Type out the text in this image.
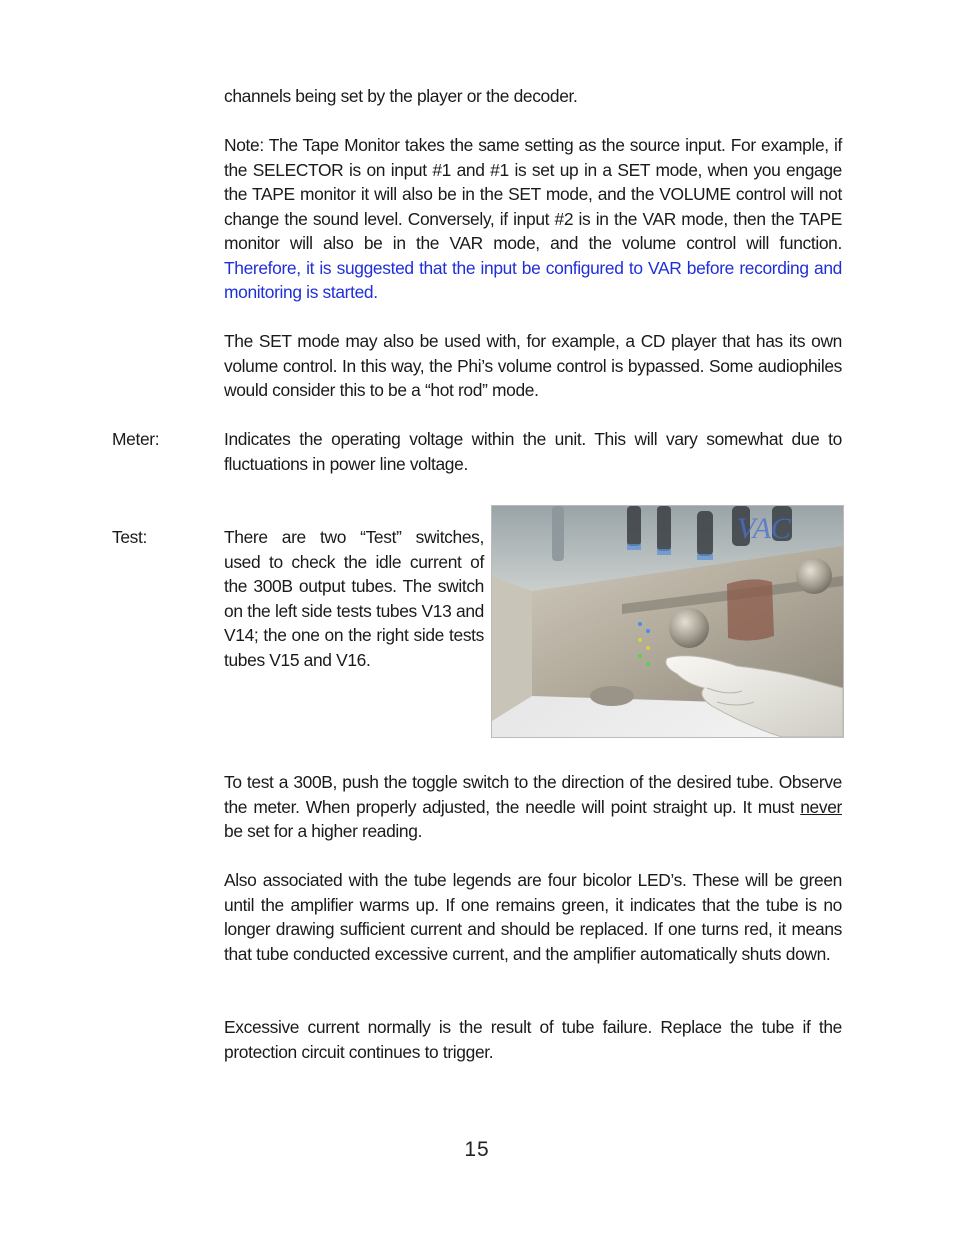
channels being set by the player or the decoder.

Note: The Tape Monitor takes the same setting as the source input. For example, if the SELECTOR is on input #1 and #1 is set up in a SET mode, when you engage the TAPE monitor it will also be in the SET mode, and the VOLUME control will not change the sound level. Conversely, if input #2 is in the VAR mode, then the TAPE monitor will also be in the VAR mode, and the volume control will function. Therefore, it is suggested that the input be configured to VAR before recording and monitoring is started.

The SET mode may also be used with, for example, a CD player that has its own volume control. In this way, the Phi’s volume control is bypassed. Some audiophiles would consider this to be a “hot rod” mode.

Meter:	Indicates the operating voltage within the unit. This will vary somewhat due to fluctuations in power line voltage.

Test:	There are two “Test” switches, used to check the idle current of the 300B output tubes. The switch on the left side tests tubes V13 and V14; the one on the right side tests tubes V15 and V16.

VAC

To test a 300B, push the toggle switch to the direction of the desired tube. Observe the meter. When properly adjusted, the needle will point straight up. It must never be set for a higher reading.

Also associated with the tube legends are four bicolor LED’s. These will be green until the amplifier warms up. If one remains green, it indicates that the tube is no longer drawing sufficient current and should be replaced. If one turns red, it means that tube conducted excessive current, and the amplifier automatically shuts down.

Excessive current normally is the result of tube failure. Replace the tube if the protection circuit continues to trigger.

15
